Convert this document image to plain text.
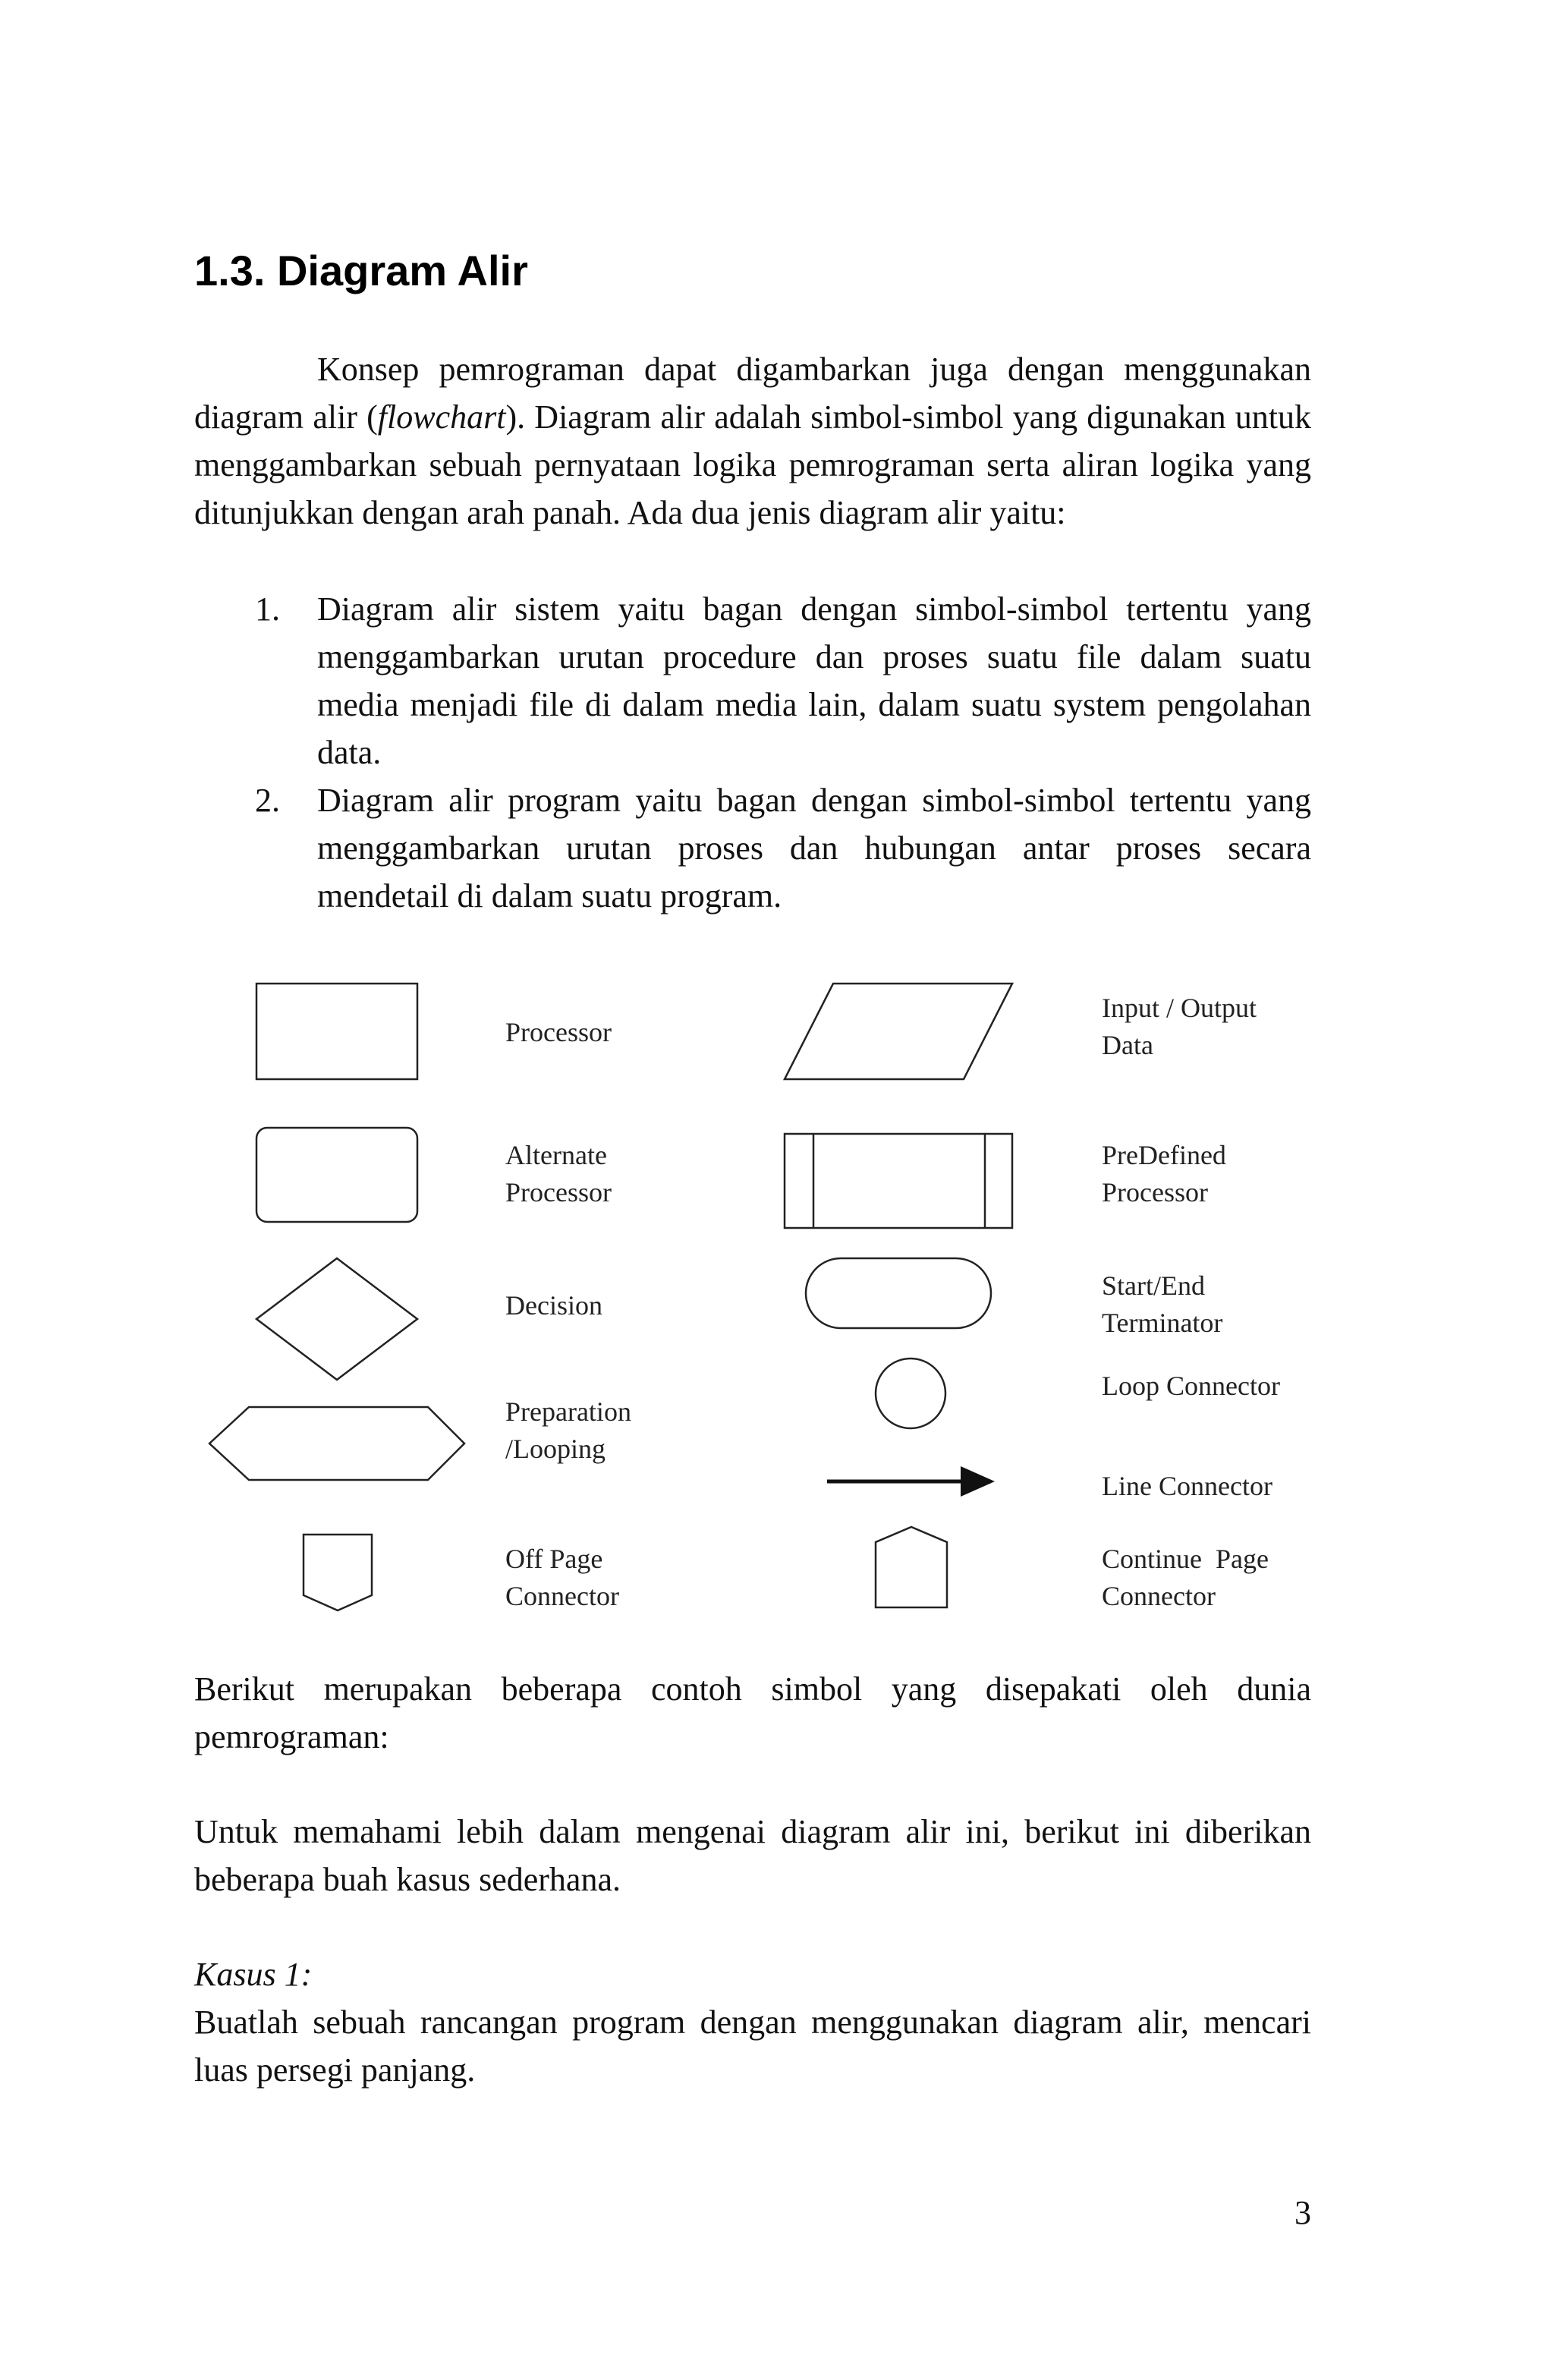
1.3. Diagram Alir

Konsep pemrograman dapat digambarkan juga dengan menggunakan diagram alir (flowchart). Diagram alir adalah simbol-simbol yang digunakan untuk menggambarkan sebuah pernyataan logika pemrograman serta aliran logika yang ditunjukkan dengan arah panah. Ada dua jenis diagram alir yaitu:

1. Diagram alir sistem yaitu bagan dengan simbol-simbol tertentu yang menggambarkan urutan procedure dan proses suatu file dalam suatu media menjadi file di dalam media lain, dalam suatu system pengolahan data.
2. Diagram alir program yaitu bagan dengan simbol-simbol tertentu yang menggambarkan urutan proses dan hubungan antar proses secara mendetail di dalam suatu program.
Processor
Input / Output
Data
Alternate
Processor
PreDefined
Processor
Decision
Start/End
Terminator
Preparation
/Looping
Loop Connector
Line Connector
Off Page
Connector
Continue  Page
Connector

Berikut merupakan beberapa contoh simbol yang disepakati oleh dunia pemrograman:

Untuk memahami lebih dalam mengenai diagram alir ini, berikut ini diberikan beberapa buah kasus sederhana.

Kasus 1:
Buatlah sebuah rancangan program dengan menggunakan diagram alir, mencari luas persegi panjang.
3
